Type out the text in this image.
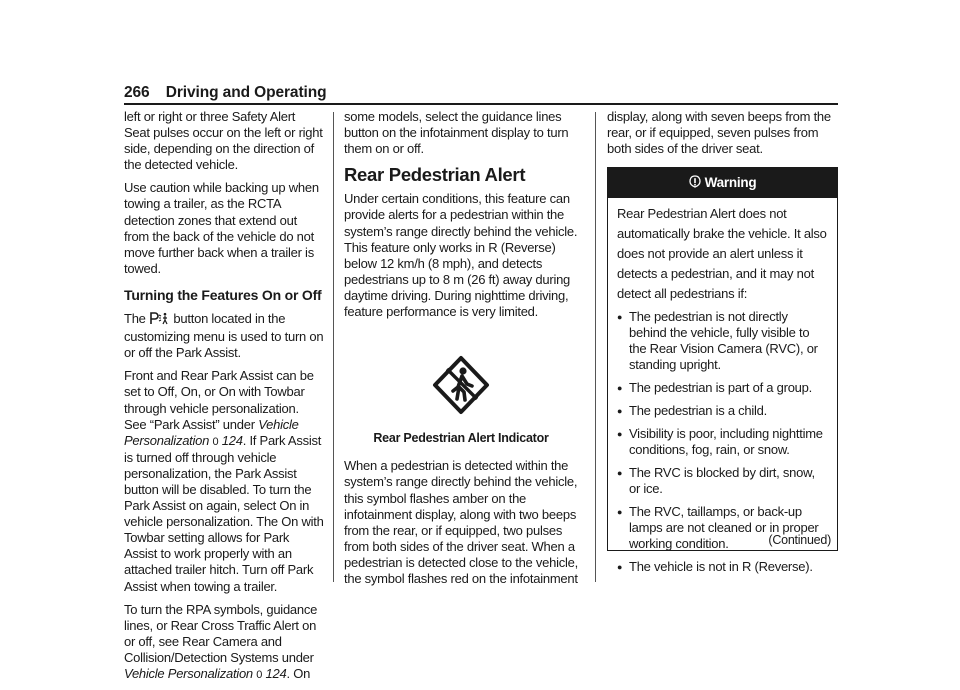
266 Driving and Operating

left or right or three Safety Alert Seat pulses occur on the left or right side, depending on the direction of the detected vehicle.

Use caution while backing up when towing a trailer, as the RCTA detection zones that extend out from the back of the vehicle do not move further back when a trailer is towed.

Turning the Features On or Off

The button located in the customizing menu is used to turn on or off the Park Assist.

Front and Rear Park Assist can be set to Off, On, or On with Towbar through vehicle personalization. See “Park Assist” under Vehicle Personalization 0 124. If Park Assist is turned off through vehicle personalization, the Park Assist button will be disabled. To turn the Park Assist on again, select On in vehicle personalization. The On with Towbar setting allows for Park Assist to work properly with an attached trailer hitch. Turn off Park Assist when towing a trailer.

To turn the RPA symbols, guidance lines, or Rear Cross Traffic Alert on or off, see Rear Camera and Collision/Detection Systems under Vehicle Personalization 0 124. On

some models, select the guidance lines button on the infotainment display to turn them on or off.

Rear Pedestrian Alert

Under certain conditions, this feature can provide alerts for a pedestrian within the system’s range directly behind the vehicle. This feature only works in R (Reverse) below 12 km/h (8 mph), and detects pedestrians up to 8 m (26 ft) away during daytime driving. During nighttime driving, feature performance is very limited.

Rear Pedestrian Alert Indicator

When a pedestrian is detected within the system’s range directly behind the vehicle, this symbol flashes amber on the infotainment display, along with two beeps from the rear, or if equipped, two pulses from both sides of the driver seat. When a pedestrian is detected close to the vehicle, the symbol flashes red on the infotainment

display, along with seven beeps from the rear, or if equipped, seven pulses from both sides of the driver seat.

Warning

Rear Pedestrian Alert does not automatically brake the vehicle. It also does not provide an alert unless it detects a pedestrian, and it may not detect all pedestrians if:

● The pedestrian is not directly behind the vehicle, fully visible to the Rear Vision Camera (RVC), or standing upright.
● The pedestrian is part of a group.
● The pedestrian is a child.
● Visibility is poor, including nighttime conditions, fog, rain, or snow.
● The RVC is blocked by dirt, snow, or ice.
● The RVC, taillamps, or back-up lamps are not cleaned or in proper working condition.
● The vehicle is not in R (Reverse).
(Continued)
